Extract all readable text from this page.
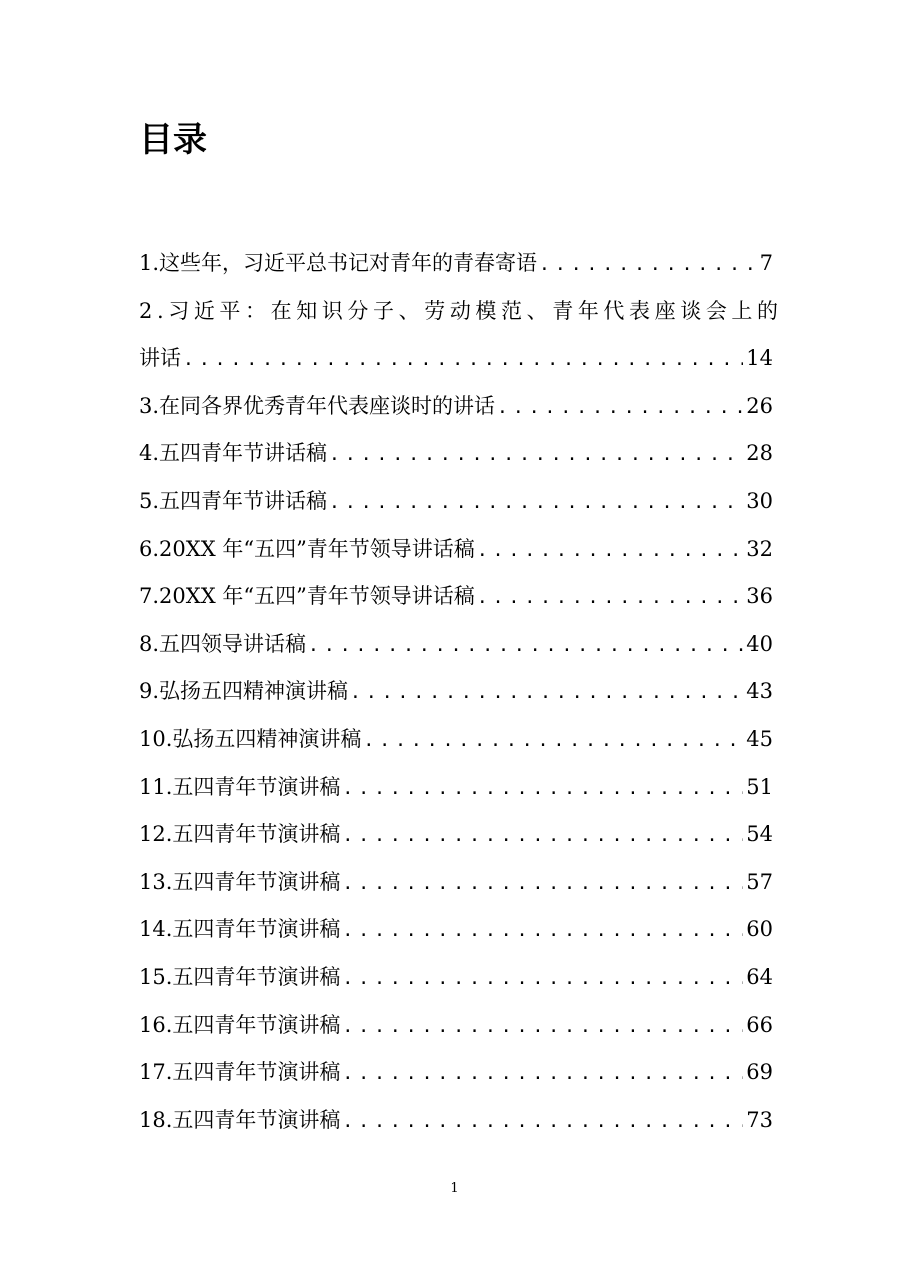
目录
1.这些年，习近平总书记对青年的青春寄语 .....	7
2.习近平：在知识分子、劳动模范、青年代表座谈会上的
讲话 .....	14
3.在同各界优秀青年代表座谈时的讲话 .....	26
4.五四青年节讲话稿 .....	28
5.五四青年节讲话稿 .....	30
6.20XX 年“五四”青年节领导讲话稿 .....	32
7.20XX 年“五四”青年节领导讲话稿 .....	36
8.五四领导讲话稿 .....	40
9.弘扬五四精神演讲稿 .....	43
10.弘扬五四精神演讲稿 .....	45
11.五四青年节演讲稿 .....	51
12.五四青年节演讲稿 .....	54
13.五四青年节演讲稿 .....	57
14.五四青年节演讲稿 .....	60
15.五四青年节演讲稿 .....	64
16.五四青年节演讲稿 .....	66
17.五四青年节演讲稿 .....	69
18.五四青年节演讲稿 .....	73
1
